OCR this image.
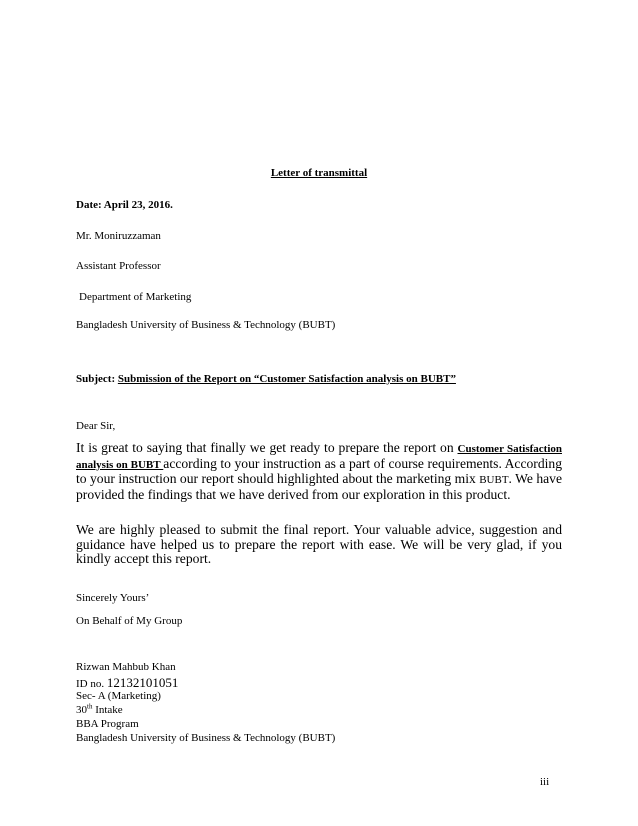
Letter of transmittal

Date: April 23, 2016.

Mr. Moniruzzaman

Assistant Professor

Department of Marketing

Bangladesh University of Business & Technology (BUBT)

Subject: Submission of the Report on “Customer Satisfaction analysis on BUBT”

Dear Sir,

It is great to saying that finally we get ready to prepare the report on Customer Satisfaction analysis on BUBT according to your instruction as a part of course requirements. According to your instruction our report should highlighted about the marketing mix BUBT. We have provided the findings that we have derived from our exploration in this product.

We are highly pleased to submit the final report. Your valuable advice, suggestion and guidance have helped us to prepare the report with ease. We will be very glad, if you kindly accept this report.

Sincerely Yours’

On Behalf of My Group

Rizwan Mahbub Khan

ID no. 12132101051

Sec- A (Marketing)

30th Intake

BBA Program

Bangladesh University of Business & Technology (BUBT)

iii
